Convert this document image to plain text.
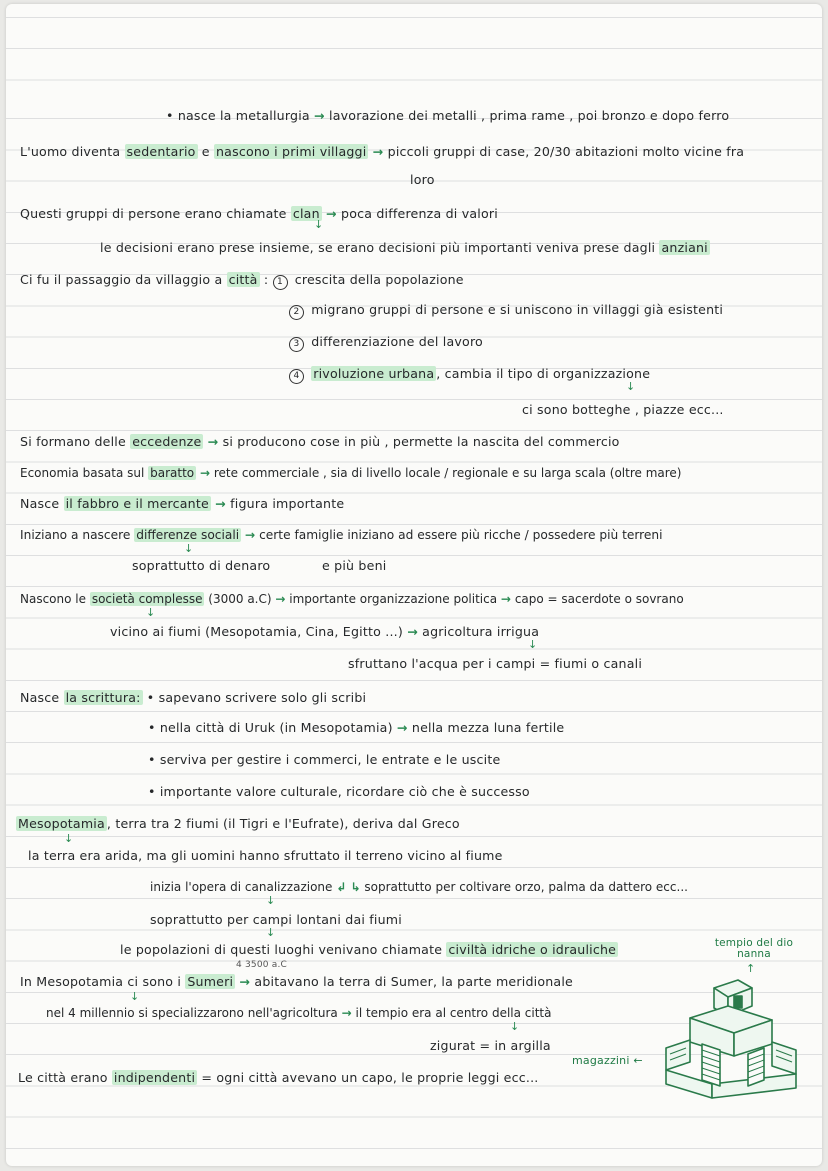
• nasce la metallurgia → lavorazione dei metalli , prima rame , poi bronzo e dopo ferro
L'uomo diventa sedentario e nascono i primi villaggi → piccoli gruppi di case, 20/30 abitazioni molto vicine fra
loro
Questi gruppi di persone erano chiamate clan → poca differenza di valori
↓
le decisioni erano prese insieme, se erano decisioni più importanti veniva prese dagli anziani
Ci fu il passaggio da villaggio a città : 1 crescita della popolazione
2 migrano gruppi di persone e si uniscono in villaggi già esistenti
3 differenziazione del lavoro
4 rivoluzione urbana , cambia il tipo di organizzazione
↓
ci sono botteghe , piazze ecc...
Si formano delle eccedenze → si producono cose in più , permette la nascita del commercio
Economia basata sul baratto → rete commerciale , sia di livello locale / regionale e su larga scala (oltre mare)
Nasce il fabbro e il mercante → figura importante
Iniziano a nascere differenze sociali → certe famiglie iniziano ad essere più ricche / possedere più terreni
↓
soprattutto di denaro	e più beni
Nascono le società complesse (3000 a.C) → importante organizzazione politica → capo = sacerdote o sovrano
↓
vicino ai fiumi (Mesopotamia, Cina, Egitto ...) → agricoltura irrigua
↓
sfruttano l'acqua per i campi = fiumi o canali
Nasce la scrittura: • sapevano scrivere solo gli scribi
• nella città di Uruk (in Mesopotamia) → nella mezza luna fertile
• serviva per gestire i commerci, le entrate e le uscite
• importante valore culturale, ricordare ciò che è successo
Mesopotamia , terra tra 2 fiumi (il Tigri e l'Eufrate), deriva dal Greco
↓
la terra era arida, ma gli uomini hanno sfruttato il terreno vicino al fiume
inizia l'opera di canalizzazione ↲ ↳ soprattutto per coltivare orzo, palma da dattero ecc...
↓
soprattutto per campi lontani dai fiumi
↓
le popolazioni di questi luoghi venivano chiamate civiltà idriche o idrauliche
4 3500 a.C
In Mesopotamia ci sono i Sumeri → abitavano la terra di Sumer, la parte meridionale
↓
nel 4 millennio si specializzarono nell'agricoltura → il tempio era al centro della città
↓
zigurat = in argilla
Le città erano indipendenti = ogni città avevano un capo, le proprie leggi ecc...
tempio del dio nanna
↑
magazzini ←
